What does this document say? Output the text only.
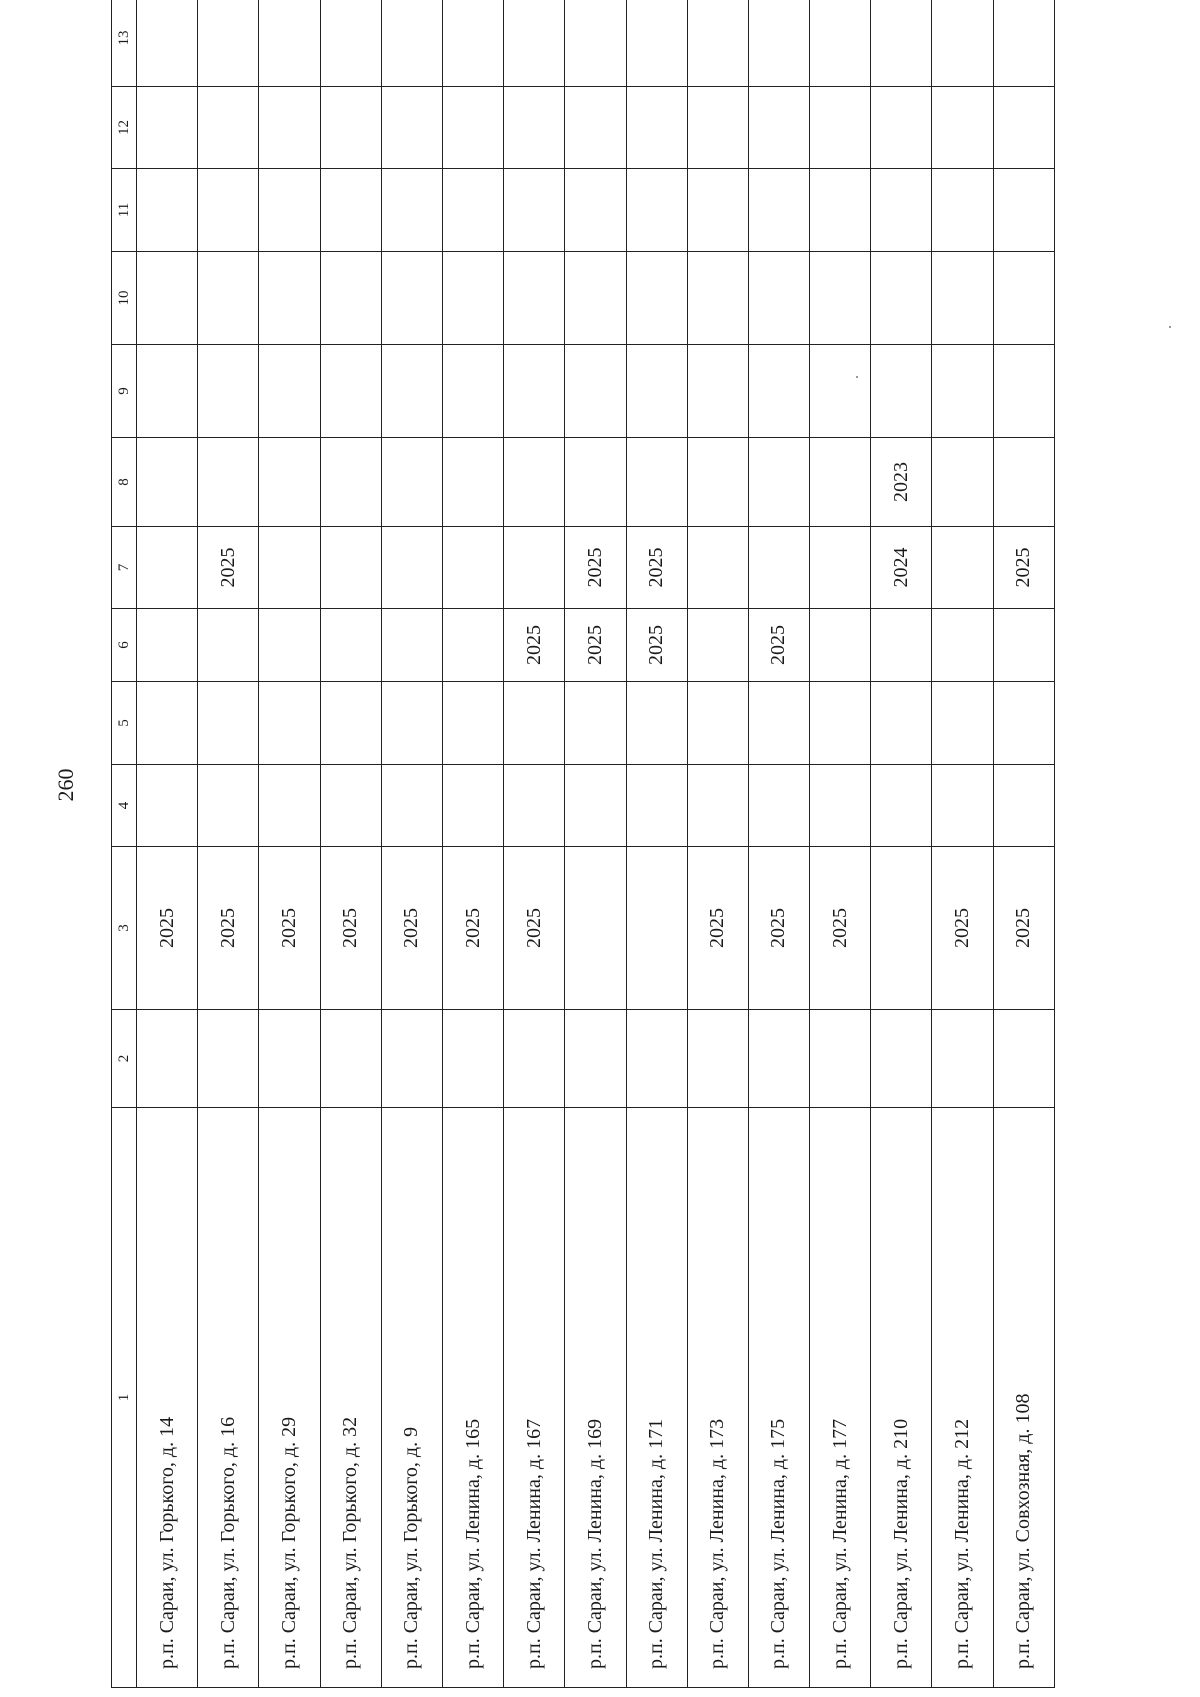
260
1	2	3	4	5	6	7	8	9	10	11	12	13
р.п. Сараи, ул. Горького, д. 14		2025										
р.п. Сараи, ул. Горького, д. 16		2025				2025						
р.п. Сараи, ул. Горького, д. 29		2025										
р.п. Сараи, ул. Горького, д. 32		2025										
р.п. Сараи, ул. Горького, д. 9		2025										
р.п. Сараи, ул. Ленина, д. 165		2025										
р.п. Сараи, ул. Ленина, д. 167		2025			2025							
р.п. Сараи, ул. Ленина, д. 169					2025	2025						
р.п. Сараи, ул. Ленина, д. 171					2025	2025						
р.п. Сараи, ул. Ленина, д. 173		2025										
р.п. Сараи, ул. Ленина, д. 175		2025			2025							
р.п. Сараи, ул. Ленина, д. 177		2025										
р.п. Сараи, ул. Ленина, д. 210						2024	2023					
р.п. Сараи, ул. Ленина, д. 212		2025										
р.п. Сараи, ул. Совхозная, д. 108		2025				2025						
